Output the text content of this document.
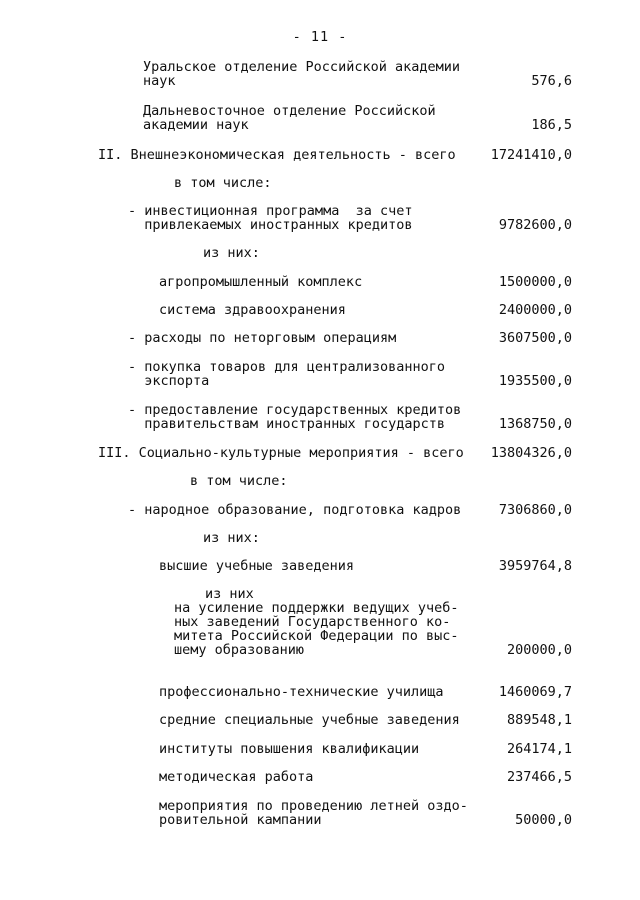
- 11 -
Уральское отделение Российской академии
наук	576,6
Дальневосточное отделение Российской
академии наук	186,5
II. Внешнеэкономическая деятельность - всего	17241410,0
в том числе:
- инвестиционная программа  за счет
привлекаемых иностранных кредитов	9782600,0
из них:
агропромышленный комплекс	1500000,0
система здравоохранения	2400000,0
- расходы по неторговым операциям	3607500,0
- покупка товаров для централизованного
экспорта	1935500,0
- предоставление государственных кредитов
правительствам иностранных государств	1368750,0
III. Социально-культурные мероприятия - всего 13804326,0
в том числе:
- народное образование, подготовка кадров	7306860,0
из них:
высшие учебные заведения	3959764,8
из них
на усиление поддержки ведущих учеб-
ных заведений Государственного ко-
митета Российской Федерации по выс-
шему образованию	200000,0
профессионально-технические училища	1460069,7
средние специальные учебные заведения	889548,1
институты повышения квалификации	264174,1
методическая работа	237466,5
мероприятия по проведению летней оздо-
ровительной кампании	50000,0
